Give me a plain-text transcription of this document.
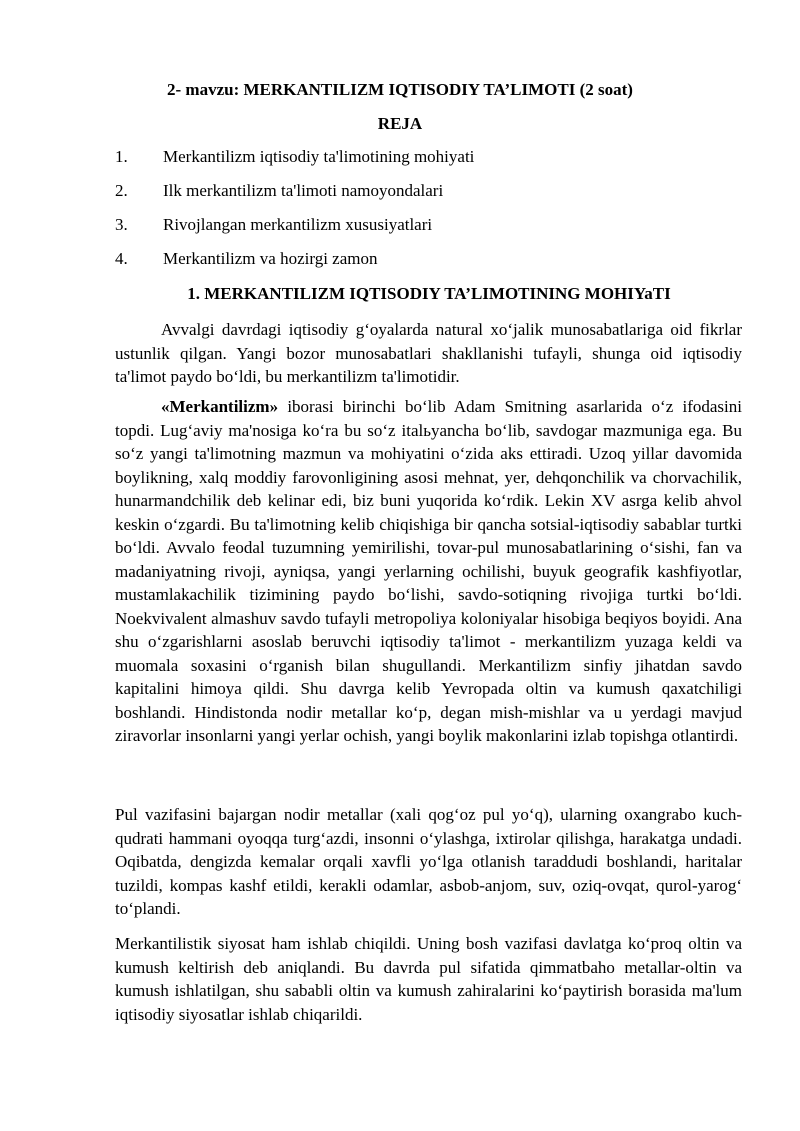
2- mavzu: MERKANTILIZM IQTISODIY TA’LIMOTI (2 soat)
REJA
1.	Merkantilizm iqtisodiy ta'limotining mohiyati
2.	Ilk merkantilizm ta'limoti namoyondalari
3.	Rivojlangan merkantilizm xususiyatlari
4.	Merkantilizm va hozirgi zamon
1. MERKANTILIZM IQTISODIY TA’LIMOTINING MOHIYaTI

Avvalgi davrdagi iqtisodiy gʻoyalarda natural xoʻjalik munosabatlariga oid fikrlar ustunlik qilgan. Yangi bozor munosabatlari shakllanishi tufayli, shunga oid iqtisodiy ta'limot paydo boʻldi, bu merkantilizm ta'limotidir.

«Merkantilizm» iborasi birinchi boʻlib Adam Smitning asarlarida oʻz ifodasini topdi. Lugʻaviy ma'nosiga koʻra bu soʻz italьyancha boʻlib, savdogar mazmuniga ega. Bu soʻz yangi ta'limotning mazmun va mohiyatini oʻzida aks ettiradi. Uzoq yillar davomida boylikning, xalq moddiy farovonligining asosi mehnat, yer, dehqonchilik va chorvachilik, hunarmandchilik deb kelinar edi, biz buni yuqorida koʻrdik. Lekin XV asrga kelib ahvol keskin oʻzgardi. Bu ta'limotning kelib chiqishiga bir qancha sotsial-iqtisodiy sabablar turtki boʻldi. Avvalo feodal tuzumning yemirilishi, tovar-pul munosabatlarining oʻsishi, fan va madaniyatning rivoji, ayniqsa, yangi yerlarning ochilishi, buyuk geografik kashfiyotlar, mustamlakachilik tizimining paydo boʻlishi, savdo-sotiqning rivojiga turtki boʻldi. Noekvivalent almashuv savdo tufayli metropoliya koloniyalar hisobiga beqiyos boyidi. Ana shu oʻzgarishlarni asoslab beruvchi iqtisodiy ta'limot - merkantilizm yuzaga keldi va muomala soxasini oʻrganish bilan shugullandi. Merkantilizm sinfiy jihatdan savdo kapitalini himoya qildi. Shu davrga kelib Yevropada oltin va kumush qaxatchiligi boshlandi. Hindistonda nodir metallar koʻp, degan mish-mishlar va u yerdagi mavjud ziravorlar insonlarni yangi yerlar ochish, yangi boylik makonlarini izlab topishga otlantirdi.

Pul vazifasini bajargan nodir metallar (xali qogʻoz pul yoʻq), ularning oxangrabo kuch-qudrati hammani oyoqqa turgʻazdi, insonni oʻylashga, ixtirolar qilishga, harakatga undadi. Oqibatda, dengizda kemalar orqali xavfli yoʻlga otlanish taraddudi boshlandi, haritalar tuzildi, kompas kashf etildi, kerakli odamlar, asbob-anjom, suv, oziq-ovqat, qurol-yarogʻ toʻplandi.

Merkantilistik siyosat ham ishlab chiqildi. Uning bosh vazifasi davlatga koʻproq oltin va kumush keltirish deb aniqlandi. Bu davrda pul sifatida qimmatbaho metallar-oltin va kumush ishlatilgan, shu sababli oltin va kumush zahiralarini koʻpaytirish borasida ma'lum iqtisodiy siyosatlar ishlab chiqarildi.
